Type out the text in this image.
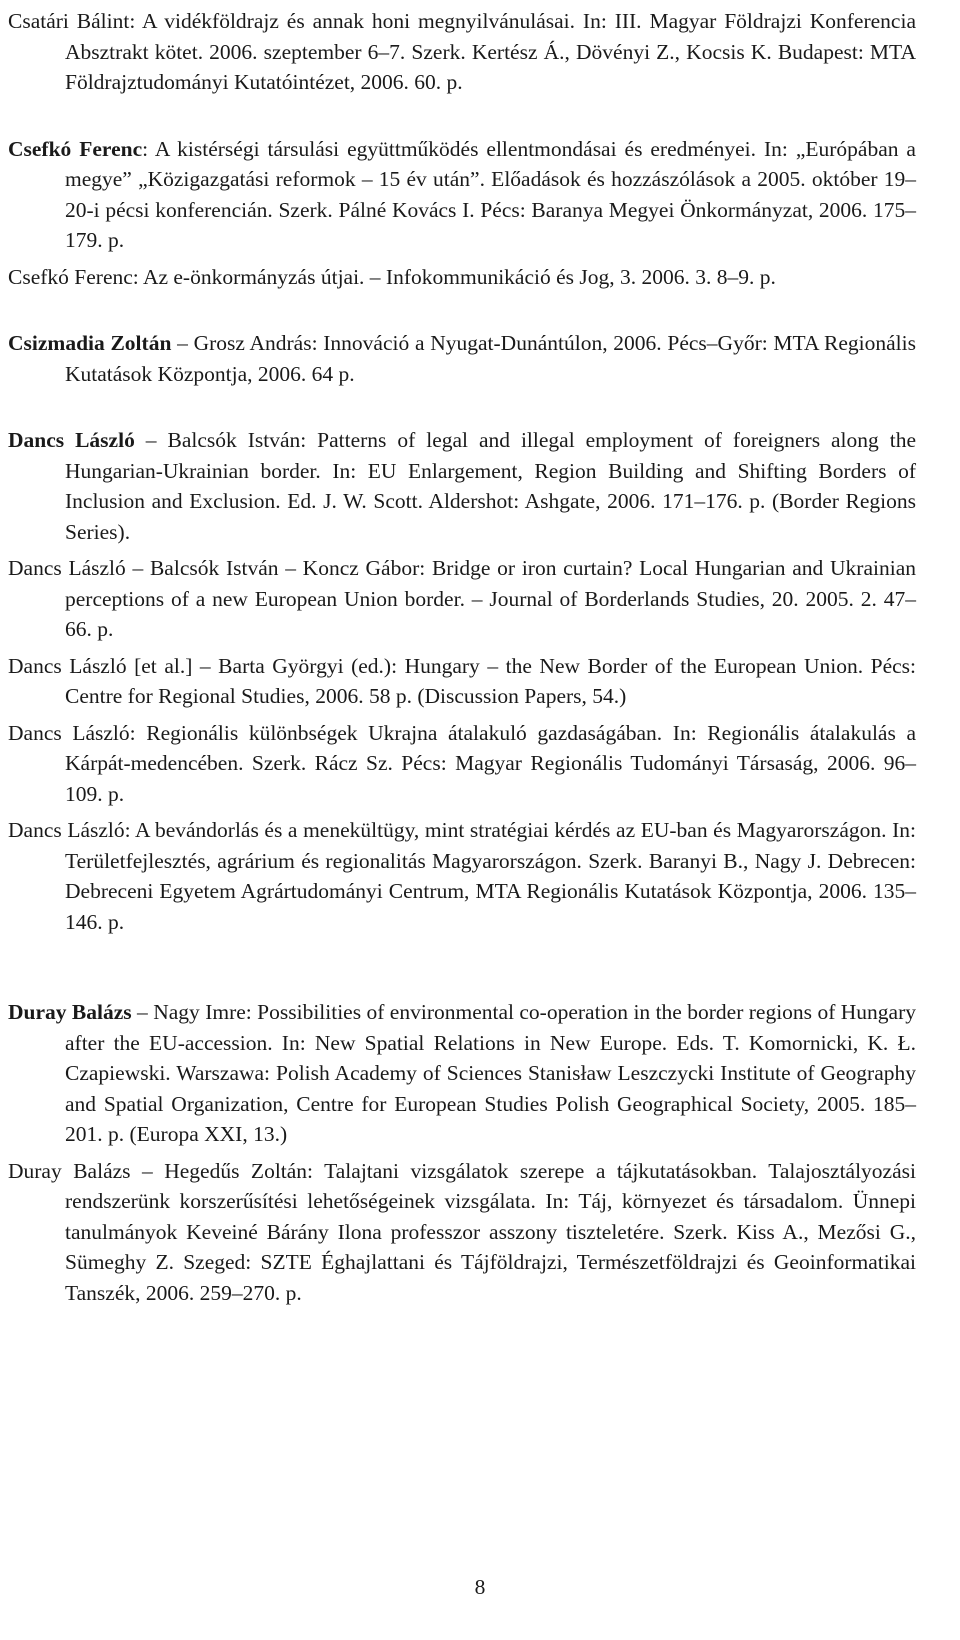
Csatári Bálint: A vidékföldrajz és annak honi megnyilvánulásai. In: III. Magyar Földrajzi Konferencia Absztrakt kötet. 2006. szeptember 6–7. Szerk. Kertész Á., Dövényi Z., Kocsis K. Budapest: MTA Földrajztudományi Kutatóintézet, 2006. 60. p.

Csefkó Ferenc: A kistérségi társulási együttműködés ellentmondásai és eredményei. In: „Európában a megye” „Közigazgatási reformok – 15 év után”. Előadások és hozzászólások a 2005. október 19–20-i pécsi konferencián. Szerk. Pálné Kovács I. Pécs: Baranya Megyei Önkormányzat, 2006. 175–179. p.

Csefkó Ferenc: Az e-önkormányzás útjai. – Infokommunikáció és Jog, 3. 2006. 3. 8–9. p.

Csizmadia Zoltán – Grosz András: Innováció a Nyugat-Dunántúlon, 2006. Pécs–Győr: MTA Regionális Kutatások Központja, 2006. 64 p.

Dancs László – Balcsók István: Patterns of legal and illegal employment of foreigners along the Hungarian-Ukrainian border. In: EU Enlargement, Region Building and Shifting Borders of Inclusion and Exclusion. Ed. J. W. Scott. Aldershot: Ashgate, 2006. 171–176. p. (Border Regions Series).

Dancs László – Balcsók István – Koncz Gábor: Bridge or iron curtain? Local Hungarian and Ukrainian perceptions of a new European Union border. – Journal of Borderlands Studies, 20. 2005. 2. 47–66. p.

Dancs László [et al.] – Barta Györgyi (ed.): Hungary – the New Border of the European Union. Pécs: Centre for Regional Studies, 2006. 58 p. (Discussion Papers, 54.)

Dancs László: Regionális különbségek Ukrajna átalakuló gazdaságában. In: Regionális átalakulás a Kárpát-medencében. Szerk. Rácz Sz. Pécs: Magyar Regionális Tudományi Társaság, 2006. 96–109. p.

Dancs László: A bevándorlás és a menekültügy, mint stratégiai kérdés az EU-ban és Magyarországon. In: Területfejlesztés, agrárium és regionalitás Magyarországon. Szerk. Baranyi B., Nagy J. Debrecen: Debreceni Egyetem Agrártudományi Centrum, MTA Regionális Kutatások Központja, 2006. 135–146. p.

Duray Balázs – Nagy Imre: Possibilities of environmental co-operation in the border regions of Hungary after the EU-accession. In: New Spatial Relations in New Europe. Eds. T. Komornicki, K. Ł. Czapiewski. Warszawa: Polish Academy of Sciences Stanisław Leszczycki Institute of Geography and Spatial Organization, Centre for European Studies Polish Geographical Society, 2005. 185–201. p. (Europa XXI, 13.)

Duray Balázs – Hegedűs Zoltán: Talajtani vizsgálatok szerepe a tájkutatásokban. Talajosztályozási rendszerünk korszerűsítési lehetőségeinek vizsgálata. In: Táj, környezet és társadalom. Ünnepi tanulmányok Keveiné Bárány Ilona professzor asszony tiszteletére. Szerk. Kiss A., Mezősi G., Sümeghy Z. Szeged: SZTE Éghajlattani és Tájföldrajzi, Természetföldrajzi és Geoinformatikai Tanszék, 2006. 259–270. p.

8
